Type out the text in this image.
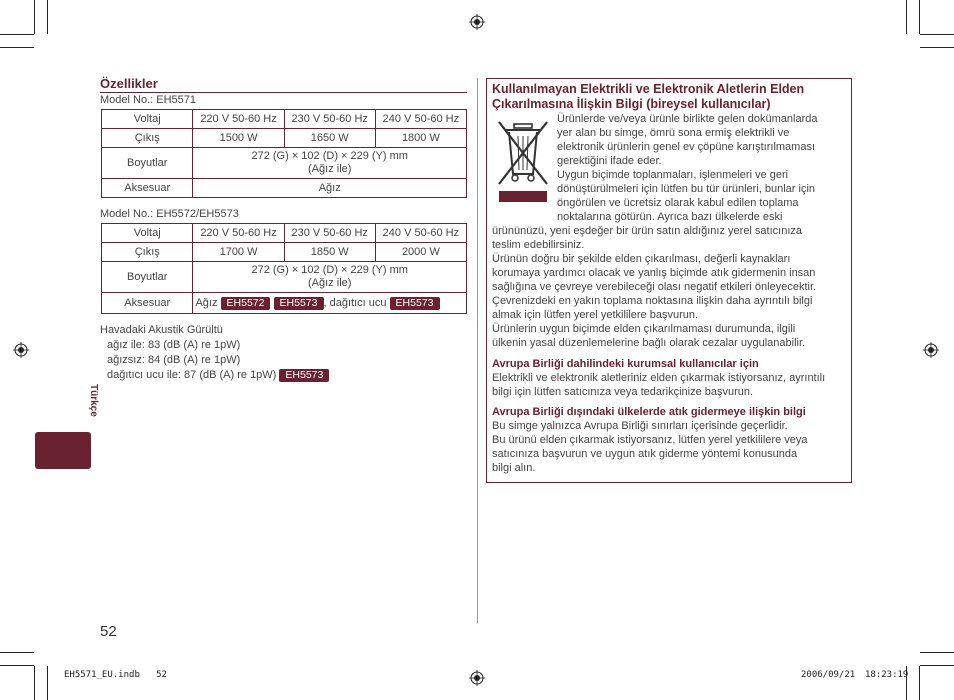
Özellikler
Model No.: EH5571
Voltaj	220 V 50-60 Hz	230 V 50-60 Hz	240 V 50-60 Hz
Çıkış	1500 W	1650 W	1800 W
Boyutlar	272 (G) × 102 (D) × 229 (Y) mm
(Ağız ile)		

Aksesuar	Ağız		
Model No.: EH5572/EH5573
Voltaj	220 V 50-60 Hz	230 V 50-60 Hz	240 V 50-60 Hz
Çıkış	1700 W	1850 W	2000 W
Boyutlar	272 (G) × 102 (D) × 229 (Y) mm
(Ağız ile)		

Aksesuar	Ağız EH5572 EH5573 , dağıtıcı ucu EH5573		
Havadaki Akustik Gürültü
ağız ile: 83 (dB (A) re 1pW)
ağızsız: 84 (dB (A) re 1pW)
dağıtıcı ucu ile: 87 (dB (A) re 1pW) EH5573
Türkçe
52
Kullanılmayan Elektrikli ve Elektronik Aletlerin Elden
Çıkarılmasına İlişkin Bilgi (bireysel kullanıcılar)
Ürünlerde ve/veya ürünle birlikte gelen dokümanlarda
yer alan bu simge, ömrü sona ermiş elektrikli ve
elektronik ürünlerin genel ev çöpüne karıştırılmaması
gerektiğini ifade eder.
Uygun biçimde toplanmaları, işlenmeleri ve geri
dönüştürülmeleri için lütfen bu tür ürünleri, bunlar için
öngörülen ve ücretsiz olarak kabul edilen toplama
noktalarına götürün. Ayrıca bazı ülkelerde eski
ürününüzü, yeni eşdeğer bir ürün satın aldığınız yerel satıcınıza
teslim edebilirsiniz.
Ürünün doğru bir şekilde elden çıkarılması, değerli kaynakları
korumaya yardımcı olacak ve yanlış biçimde atık gidermenin insan
sağlığına ve çevreye verebileceği olası negatif etkileri önleyecektir.
Çevrenizdeki en yakın toplama noktasına ilişkin daha ayrıntılı bilgi
almak için lütfen yerel yetkililere başvurun.
Ürünlerin uygun biçimde elden çıkarılmaması durumunda, ilgili
ülkenin yasal düzenlemelerine bağlı olarak cezalar uygulanabilir.
Avrupa Birliği dahilindeki kurumsal kullanıcılar için
Elektrikli ve elektronik aletleriniz elden çıkarmak istiyorsanız, ayrıntılı
bilgi için lütfen satıcınıza veya tedarikçinize başvurun.
Avrupa Birliği dışındaki ülkelerde atık gidermeye ilişkin bilgi
Bu simge yalnızca Avrupa Birliği sınırları içerisinde geçerlidir.
Bu ürünü elden çıkarmak istiyorsanız, lütfen yerel yetkililere veya
satıcınıza başvurun ve uygun atık giderme yöntemi konusunda
bilgi alın.
EH5571_EU.indb   52	2006/09/21 18:23:19
